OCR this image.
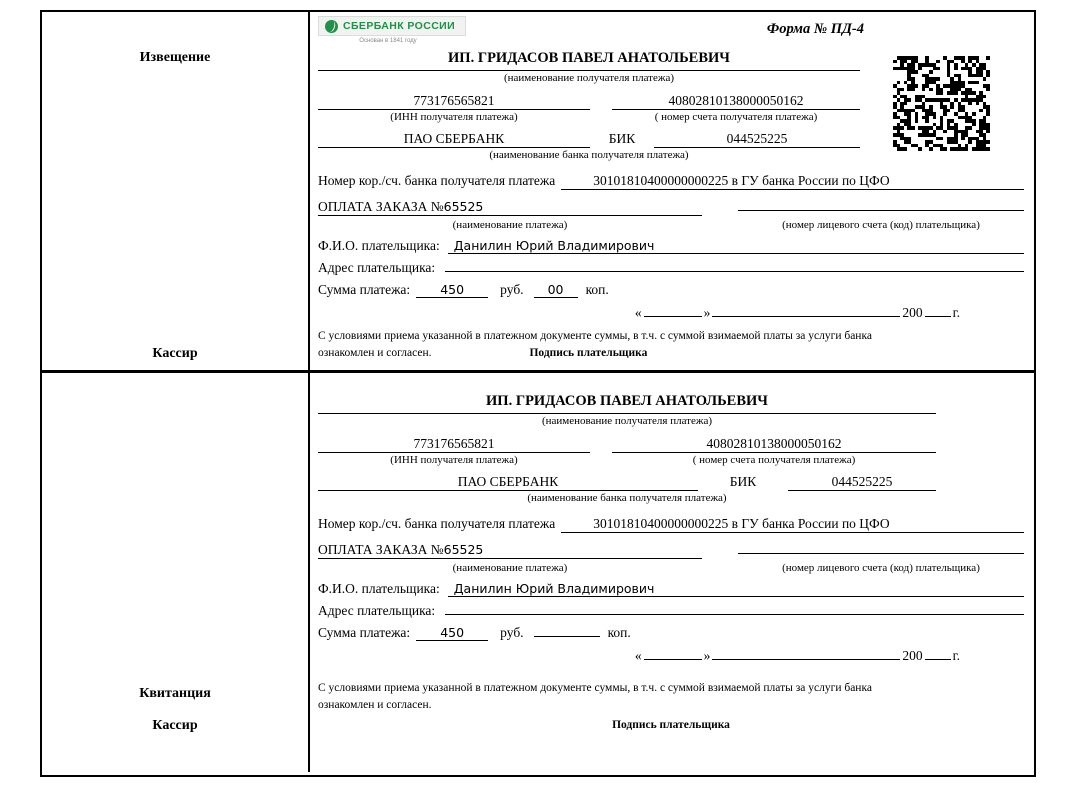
Извещение
Кассир
СБЕРБАНК РОССИИ
Основан в 1841 году
Форма № ПД-4
ИП. ГРИДАСОВ ПАВЕЛ АНАТОЛЬЕВИЧ
(наименование получателя платежа)
773176565821	40802810138000050162
(ИНН получателя платежа)	( номер счета получателя платежа)
ПАО СБЕРБАНК	БИК	044525225
(наименование банка получателя платежа)
Номер кор./сч. банка получателя платежа	30101810400000000225 в ГУ банка России по ЦФО
ОПЛАТА ЗАКАЗА №65525
(наименование платежа)	(номер лицевого счета (код) плательщика)
Ф.И.О. плательщика:	Данилин Юрий Владимирович
Адрес плательщика:
Сумма платежа:	450	руб.	00	коп.
«	»	200 г.
С условиями приема указанной в платежном документе суммы, в т.ч. с суммой взимаемой платы за услуги банка
ознакомлен и согласен.	Подпись плательщика
Квитанция
Кассир
ИП. ГРИДАСОВ ПАВЕЛ АНАТОЛЬЕВИЧ
(наименование получателя платежа)
773176565821	40802810138000050162
(ИНН получателя платежа)	( номер счета получателя платежа)
ПАО СБЕРБАНК	БИК	044525225
(наименование банка получателя платежа)
Номер кор./сч. банка получателя платежа	30101810400000000225 в ГУ банка России по ЦФО
ОПЛАТА ЗАКАЗА №65525
(наименование платежа)	(номер лицевого счета (код) плательщика)
Ф.И.О. плательщика:	Данилин Юрий Владимирович
Адрес плательщика:
Сумма платежа:	450	руб.	коп.
«	»	200 г.
С условиями приема указанной в платежном документе суммы, в т.ч. с суммой взимаемой платы за услуги банка
ознакомлен и согласен.
Подпись плательщика
